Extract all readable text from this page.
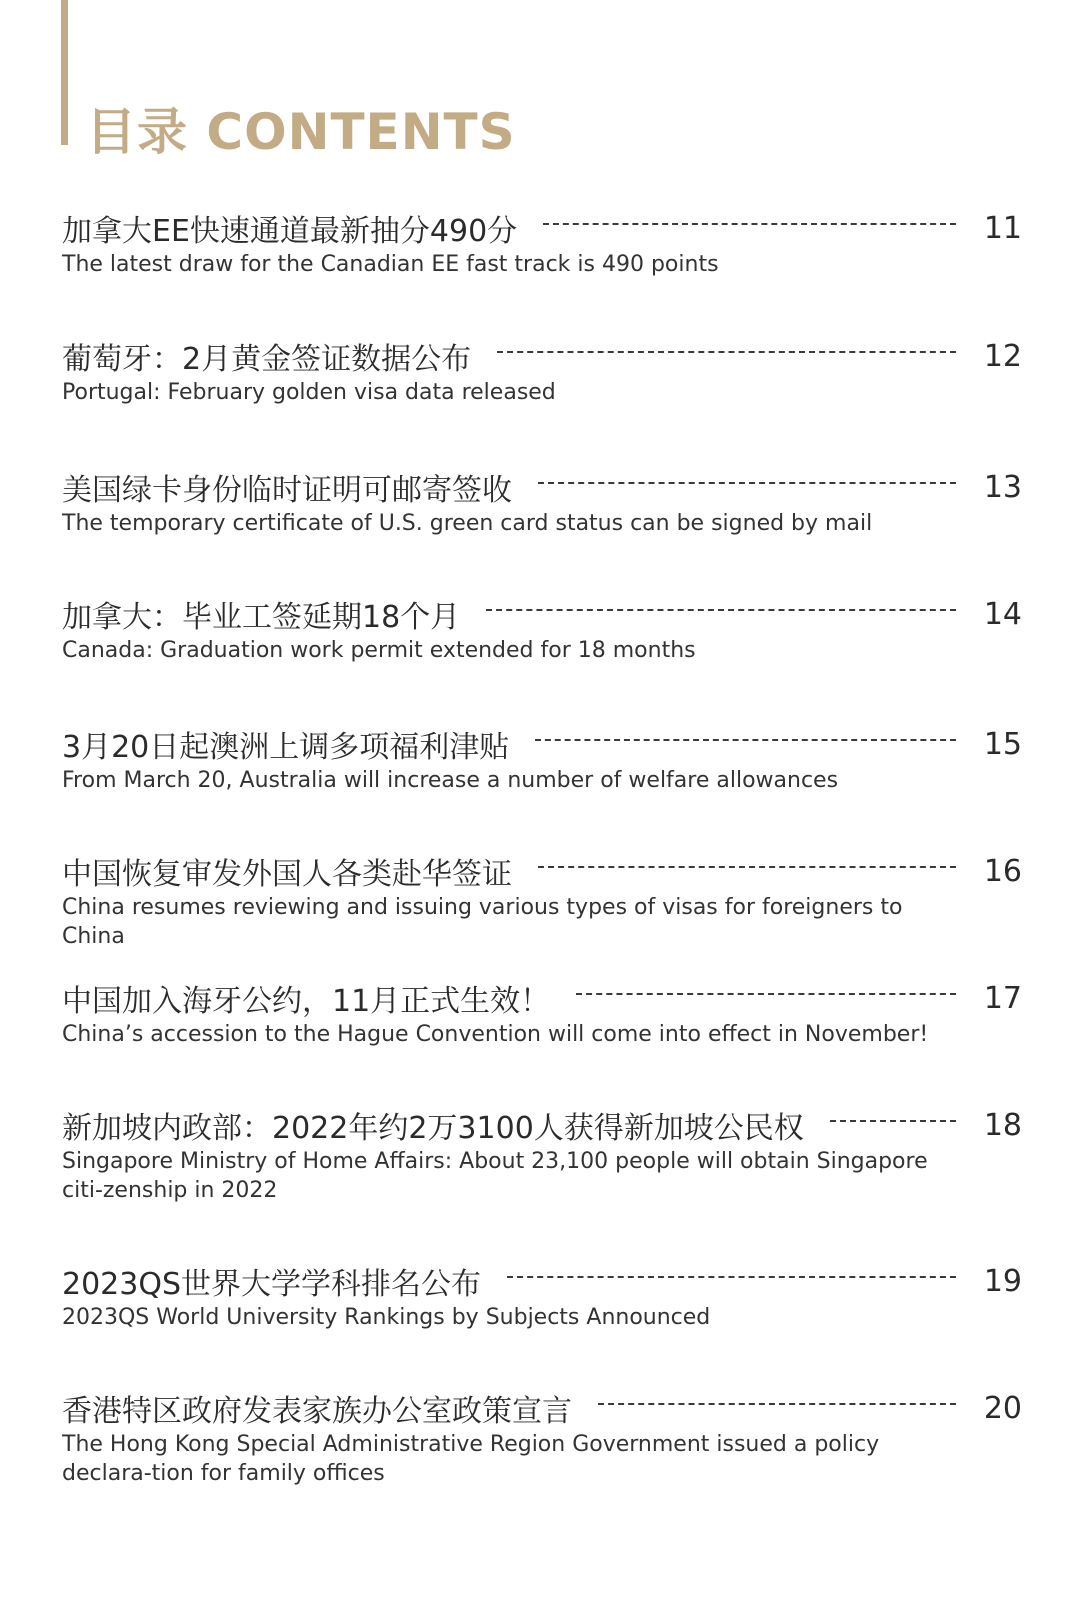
目录 CONTENTS
加拿大EE快速通道最新抽分490分	11
The latest draw for the Canadian EE fast track is 490 points
葡萄牙：2月黄金签证数据公布	12
Portugal: February golden visa data released
美国绿卡身份临时证明可邮寄签收	13
The temporary certificate of U.S. green card status can be signed by mail
加拿大：毕业工签延期18个月	14
Canada: Graduation work permit extended for 18 months
3月20日起澳洲上调多项福利津贴	15
From March 20, Australia will increase a number of welfare allowances
中国恢复审发外国人各类赴华签证	16
China resumes reviewing and issuing various types of visas for foreigners to China
中国加入海牙公约，11月正式生效！	17
China’s accession to the Hague Convention will come into effect in November!
新加坡内政部：2022年约2万3100人获得新加坡公民权	18
Singapore Ministry of Home Affairs: About 23,100 people will obtain Singapore citi-zenship in 2022
2023QS世界大学学科排名公布	19
2023QS World University Rankings by Subjects Announced
香港特区政府发表家族办公室政策宣言	20
The Hong Kong Special Administrative Region Government issued a policy declara-tion for family offices
